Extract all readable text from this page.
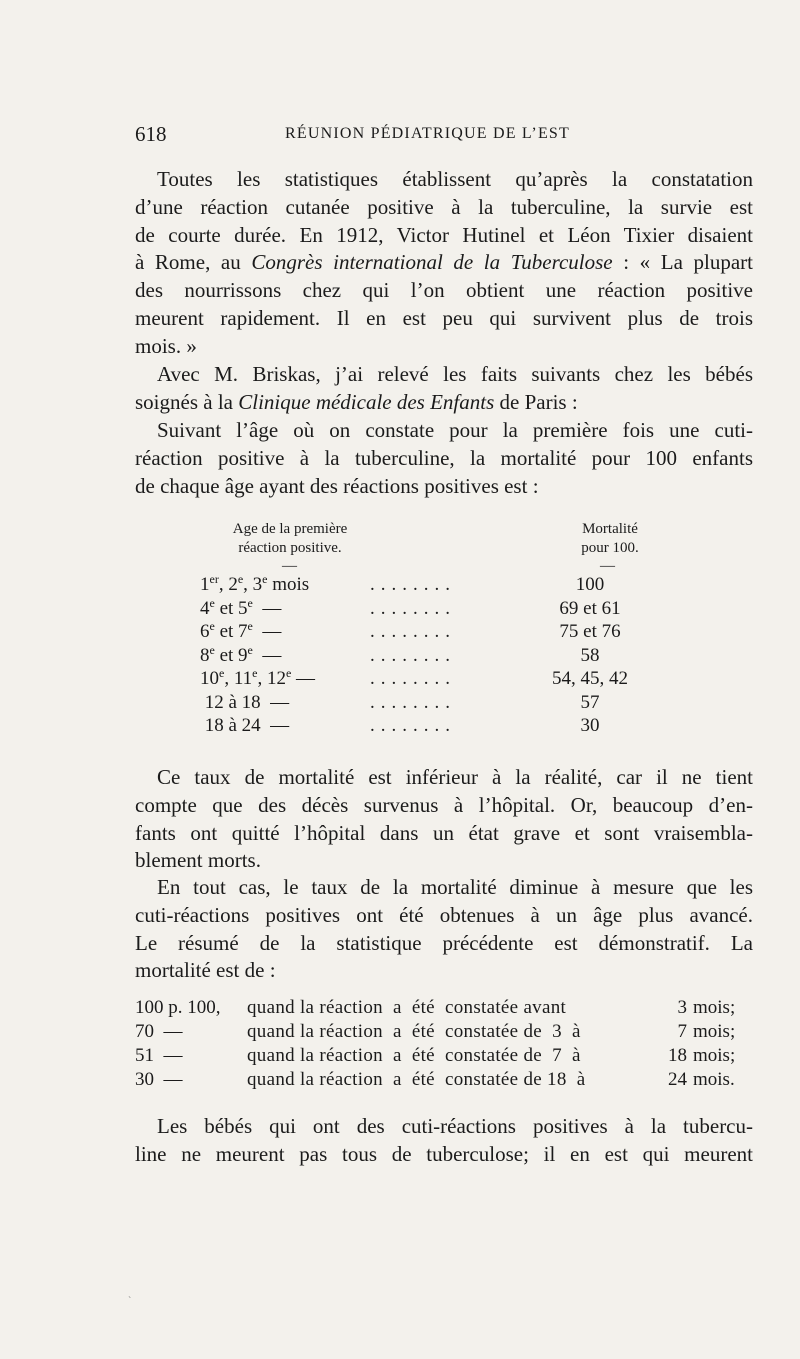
618	RÉUNION PÉDIATRIQUE DE L’EST
Toutes les statistiques établissent qu’après la constatation
d’une réaction cutanée positive à la tuberculine, la survie est
de courte durée. En 1912, Victor Hutinel et Léon Tixier disaient
à Rome, au Congrès international de la Tuberculose : « La plupart
des nourrissons chez qui l’on obtient une réaction positive
meurent rapidement. Il en est peu qui survivent plus de trois
mois. »
Avec M. Briskas, j’ai relevé les faits suivants chez les bébés
soignés à la Clinique médicale des Enfants de Paris :
Suivant l’âge où on constate pour la première fois une cuti-
réaction positive à la tuberculine, la mortalité pour 100 enfants
de chaque âge ayant des réactions positives est :
Age de la première
réaction positive.
Mortalité
pour 100.
—	—
1er, 2e, 3e mois	........	100
4e et 5e  —	........	69 et 61
6e et 7e  —	........	75 et 76
8e et 9e  —	........	58
10e, 11e, 12e —	........	54, 45, 42
12 à 18  —	........	57
18 à 24  —	........	30
Ce taux de mortalité est inférieur à la réalité, car il ne tient
compte que des décès survenus à l’hôpital. Or, beaucoup d’en-
fants ont quitté l’hôpital dans un état grave et sont vraisembla-
blement morts.
En tout cas, le taux de la mortalité diminue à mesure que les
cuti-réactions positives ont été obtenues à un âge plus avancé.
Le résumé de la statistique précédente est démonstratif. La
mortalité est de :
100 p. 100, quand la réaction  a  été  constatée avant	3 mois;
70  —	quand la réaction  a  été  constatée de  3  à	7 mois;
51  —	quand la réaction  a  été  constatée de  7  à	18 mois;
30  —	quand la réaction  a  été  constatée de 18  à	24 mois.
Les bébés qui ont des cuti-réactions positives à la tubercu-
line ne meurent pas tous de tuberculose; il en est qui meurent
`
